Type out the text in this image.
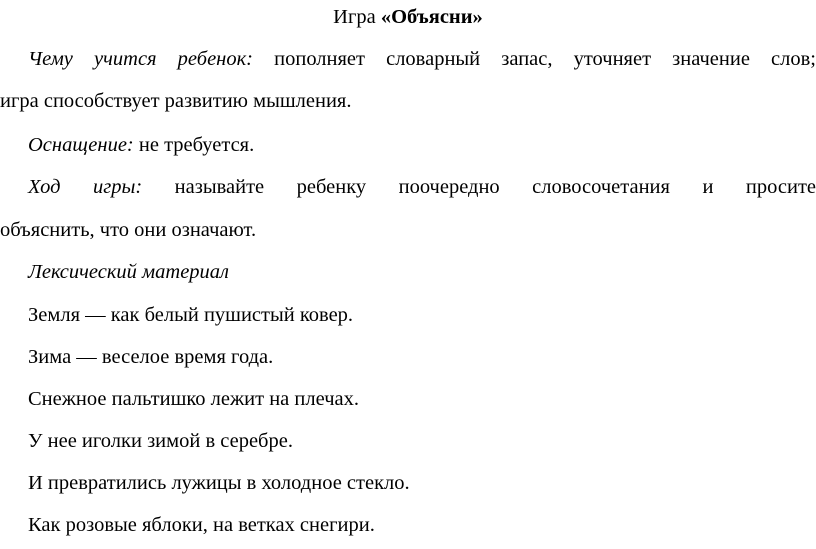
Игра «Объясни»
Чему учится ребенок: пополняет словарный запас, уточняет значение слов;
игра способствует развитию мышления.
Оснащение: не требуется.
Ход игры: называйте ребенку поочередно словосочетания и просите
объяснить, что они означают.
Лексический материал
Земля — как белый пушистый ковер.
Зима — веселое время года.
Снежное пальтишко лежит на плечах.
У нее иголки зимой в серебре.
И превратились лужицы в холодное стекло.
Как розовые яблоки, на ветках снегири.
